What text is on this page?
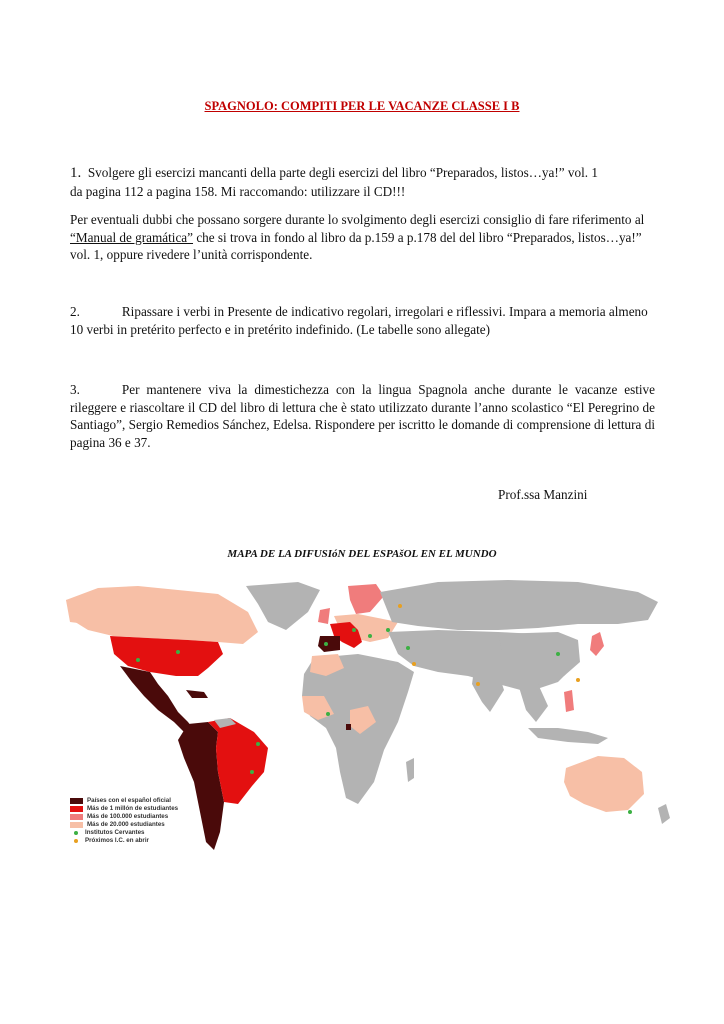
SPAGNOLO: COMPITI PER LE VACANZE CLASSE I B
1. Svolgere gli esercizi mancanti della parte degli esercizi del libro “Preparados, listos…ya!” vol. 1
da pagina 112 a pagina 158. Mi raccomando: utilizzare il CD!!!
Per eventuali dubbi che possano sorgere durante lo svolgimento degli esercizi consiglio di fare riferimento al “Manual de gramática” che si trova in fondo al libro da p.159 a p.178 del del libro “Preparados, listos…ya!” vol. 1, oppure rivedere l’unità corrispondente.
2.	Ripassare i verbi in Presente de indicativo regolari, irregolari e riflessivi. Impara a memoria almeno 10 verbi in pretérito perfecto e in pretérito indefinido. (Le tabelle sono allegate)
3.	Per mantenere viva la dimestichezza con la lingua Spagnola anche durante le vacanze estive rileggere e riascoltare il CD del libro di lettura che è stato utilizzato durante l’anno scolastico “El Peregrino de Santiago”, Sergio Remedios Sánchez, Edelsa. Rispondere per iscritto le domande di comprensione di lettura di pagina 36 e 37.
Prof.ssa Manzini
MAPA DE LA DIFUSIóN DEL ESPAšOL EN EL MUNDO
Países con el español oficial
Más de 1 millón de estudiantes
Más de 100.000 estudiantes
Más de 20.000 estudiantes
Institutos Cervantes
Próximos I.C. en abrir
